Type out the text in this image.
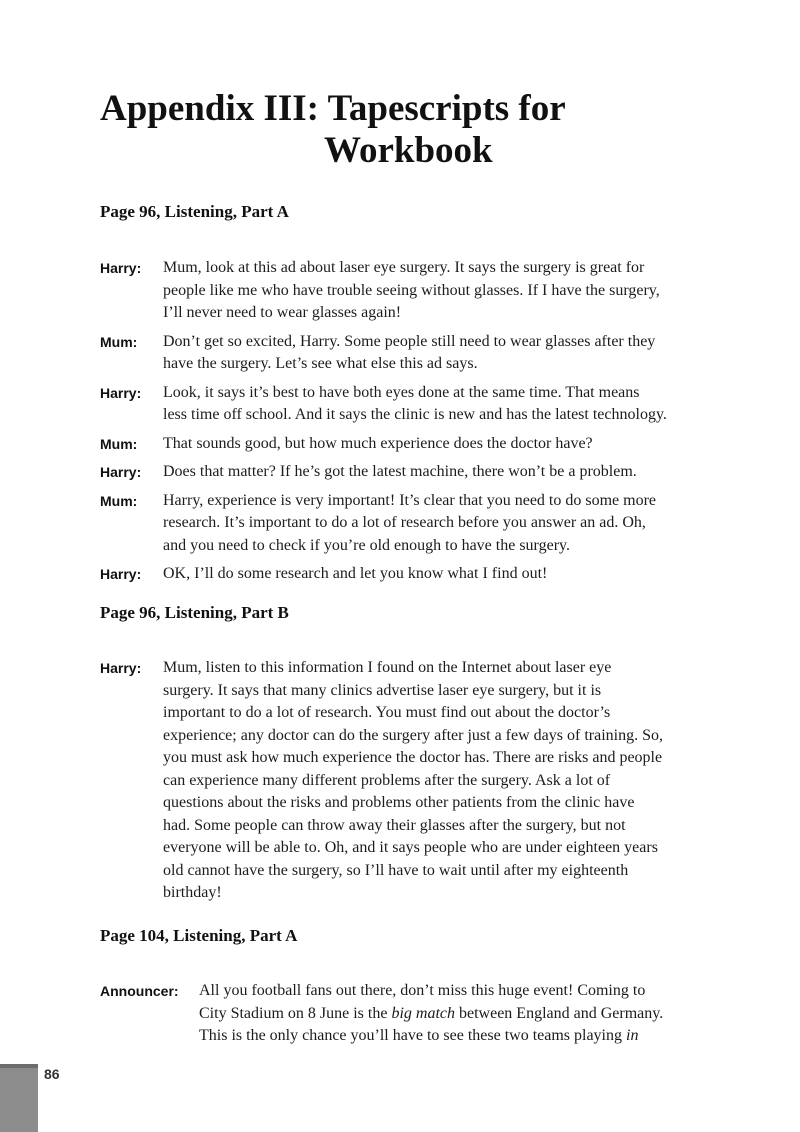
Appendix III: Tapescripts for
Workbook

Page 96, Listening, Part A

Harry:	Mum, look at this ad about laser eye surgery. It says the surgery is great for
people like me who have trouble seeing without glasses. If I have the surgery,
I’ll never need to wear glasses again!
Mum:	Don’t get so excited, Harry. Some people still need to wear glasses after they
have the surgery. Let’s see what else this ad says.
Harry:	Look, it says it’s best to have both eyes done at the same time. That means
less time off school. And it says the clinic is new and has the latest technology.
Mum:	That sounds good, but how much experience does the doctor have?
Harry:	Does that matter? If he’s got the latest machine, there won’t be a problem.
Mum:	Harry, experience is very important! It’s clear that you need to do some more
research. It’s important to do a lot of research before you answer an ad. Oh,
and you need to check if you’re old enough to have the surgery.
Harry:	OK, I’ll do some research and let you know what I find out!

Page 96, Listening, Part B

Harry:	Mum, listen to this information I found on the Internet about laser eye
surgery. It says that many clinics advertise laser eye surgery, but it is
important to do a lot of research. You must find out about the doctor’s
experience; any doctor can do the surgery after just a few days of training. So,
you must ask how much experience the doctor has. There are risks and people
can experience many different problems after the surgery. Ask a lot of
questions about the risks and problems other patients from the clinic have
had. Some people can throw away their glasses after the surgery, but not
everyone will be able to. Oh, and it says people who are under eighteen years
old cannot have the surgery, so I’ll have to wait until after my eighteenth
birthday!

Page 104, Listening, Part A

Announcer:	All you football fans out there, don’t miss this huge event! Coming to
City Stadium on 8 June is the big match between England and Germany.
This is the only chance you’ll have to see these two teams playing in
86
